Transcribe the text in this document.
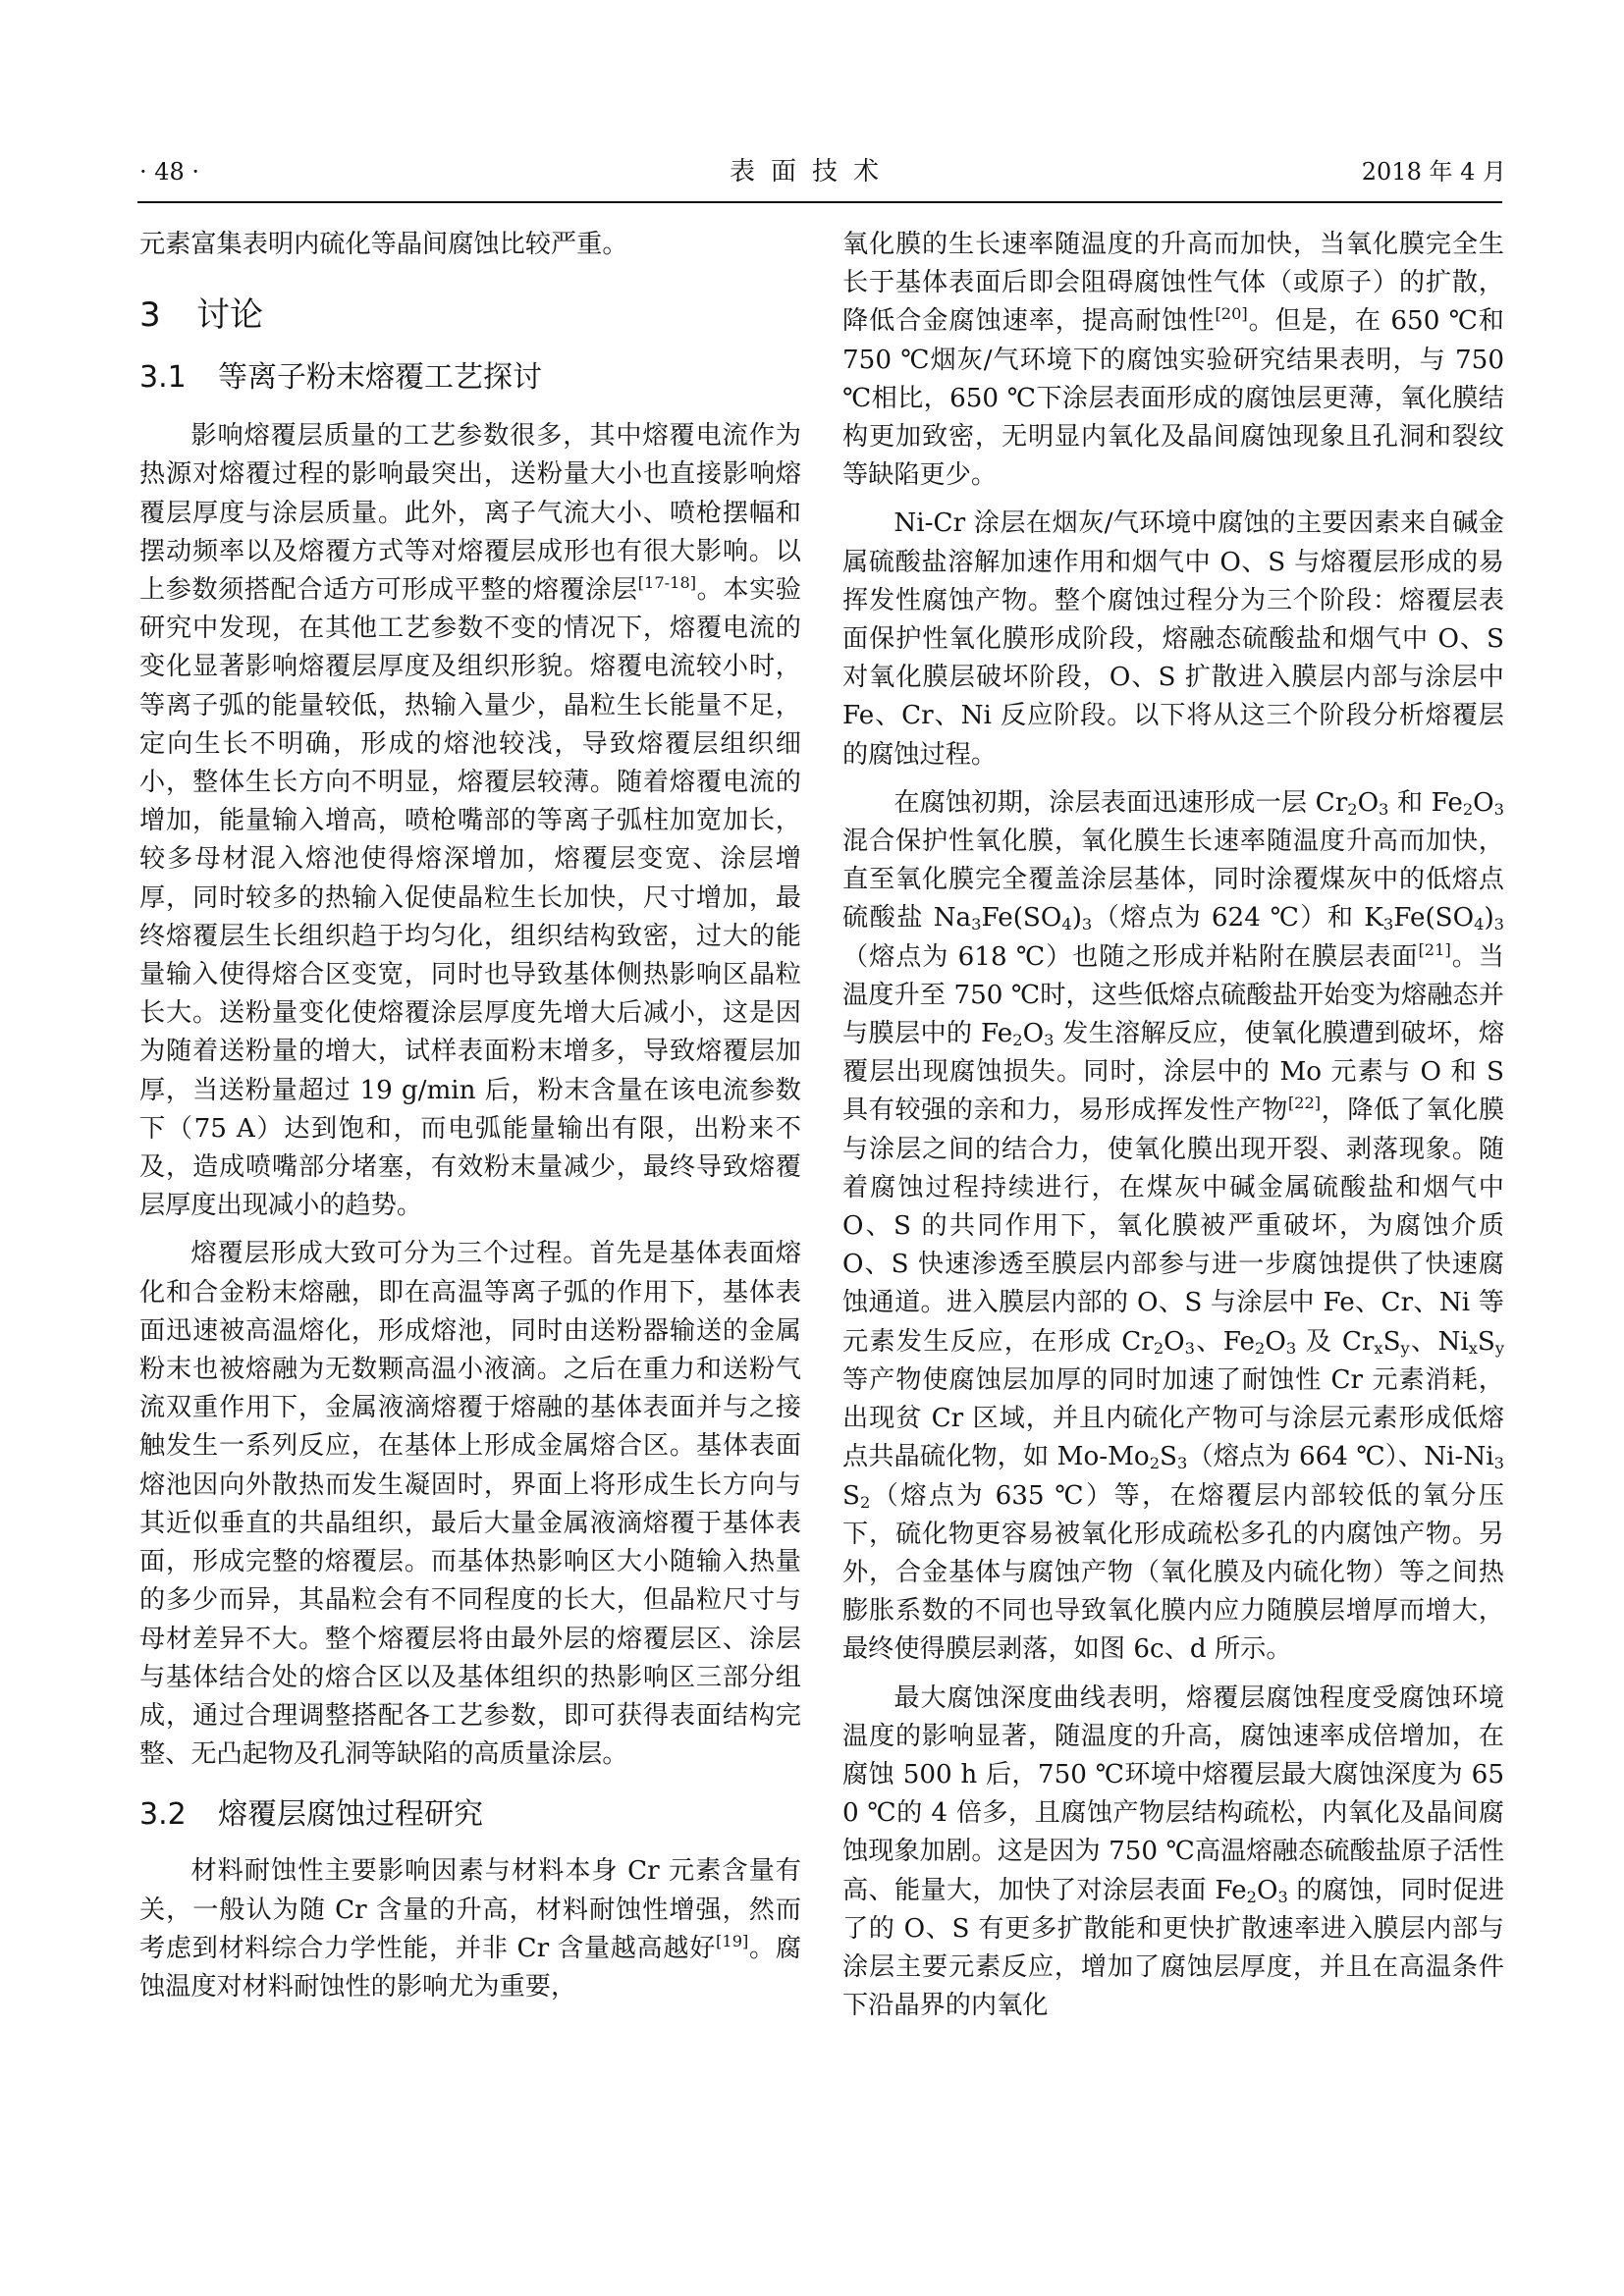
· 48 ·	表面技术	2018 年 4 月

元素富集表明内硫化等晶间腐蚀比较严重。

3 讨论
3.1 等离子粉末熔覆工艺探讨

影响熔覆层质量的工艺参数很多，其中熔覆电流作为热源对熔覆过程的影响最突出，送粉量大小也直接影响熔覆层厚度与涂层质量。此外，离子气流大小、喷枪摆幅和摆动频率以及熔覆方式等对熔覆层成形也有很大影响。以上参数须搭配合适方可形成平整的熔覆涂层[17-18]。本实验研究中发现，在其他工艺参数不变的情况下，熔覆电流的变化显著影响熔覆层厚度及组织形貌。熔覆电流较小时，等离子弧的能量较低，热输入量少，晶粒生长能量不足，定向生长不明确，形成的熔池较浅，导致熔覆层组织细小，整体生长方向不明显，熔覆层较薄。随着熔覆电流的增加，能量输入增高，喷枪嘴部的等离子弧柱加宽加长，较多母材混入熔池使得熔深增加，熔覆层变宽、涂层增厚，同时较多的热输入促使晶粒生长加快，尺寸增加，最终熔覆层生长组织趋于均匀化，组织结构致密，过大的能量输入使得熔合区变宽，同时也导致基体侧热影响区晶粒长大。送粉量变化使熔覆涂层厚度先增大后减小，这是因为随着送粉量的增大，试样表面粉末增多，导致熔覆层加厚，当送粉量超过 19 g/min 后，粉末含量在该电流参数下（75 A）达到饱和，而电弧能量输出有限，出粉来不及，造成喷嘴部分堵塞，有效粉末量减少，最终导致熔覆层厚度出现减小的趋势。

熔覆层形成大致可分为三个过程。首先是基体表面熔化和合金粉末熔融，即在高温等离子弧的作用下，基体表面迅速被高温熔化，形成熔池，同时由送粉器输送的金属粉末也被熔融为无数颗高温小液滴。之后在重力和送粉气流双重作用下，金属液滴熔覆于熔融的基体表面并与之接触发生一系列反应，在基体上形成金属熔合区。基体表面熔池因向外散热而发生凝固时，界面上将形成生长方向与其近似垂直的共晶组织，最后大量金属液滴熔覆于基体表面，形成完整的熔覆层。而基体热影响区大小随输入热量的多少而异，其晶粒会有不同程度的长大，但晶粒尺寸与母材差异不大。整个熔覆层将由最外层的熔覆层区、涂层与基体结合处的熔合区以及基体组织的热影响区三部分组成，通过合理调整搭配各工艺参数，即可获得表面结构完整、无凸起物及孔洞等缺陷的高质量涂层。

3.2 熔覆层腐蚀过程研究

材料耐蚀性主要影响因素与材料本身 Cr 元素含量有关，一般认为随 Cr 含量的升高，材料耐蚀性增强，然而考虑到材料综合力学性能，并非 Cr 含量越高越好[19]。腐蚀温度对材料耐蚀性的影响尤为重要，

氧化膜的生长速率随温度的升高而加快，当氧化膜完全生长于基体表面后即会阻碍腐蚀性气体（或原子）的扩散，降低合金腐蚀速率，提高耐蚀性[20]。但是，在 650 ℃和 750 ℃烟灰/气环境下的腐蚀实验研究结果表明，与 750 ℃相比，650 ℃下涂层表面形成的腐蚀层更薄，氧化膜结构更加致密，无明显内氧化及晶间腐蚀现象且孔洞和裂纹等缺陷更少。

Ni-Cr 涂层在烟灰/气环境中腐蚀的主要因素来自碱金属硫酸盐溶解加速作用和烟气中 O、S 与熔覆层形成的易挥发性腐蚀产物。整个腐蚀过程分为三个阶段：熔覆层表面保护性氧化膜形成阶段，熔融态硫酸盐和烟气中 O、S 对氧化膜层破坏阶段，O、S 扩散进入膜层内部与涂层中 Fe、Cr、Ni 反应阶段。以下将从这三个阶段分析熔覆层的腐蚀过程。

在腐蚀初期，涂层表面迅速形成一层 $Cr_2O_3$ 和 $Fe_2O_3$ 混合保护性氧化膜，氧化膜生长速率随温度升高而加快，直至氧化膜完全覆盖涂层基体，同时涂覆煤灰中的低熔点硫酸盐 $Na_3Fe(SO_4)_3$（熔点为 624 ℃）和 $K_3Fe(SO_4)_3$（熔点为 618 ℃）也随之形成并粘附在膜层表面[21]。当温度升至 750 ℃时，这些低熔点硫酸盐开始变为熔融态并与膜层中的 $Fe_2O_3$ 发生溶解反应，使氧化膜遭到破坏，熔覆层出现腐蚀损失。同时，涂层中的 Mo 元素与 O 和 S 具有较强的亲和力，易形成挥发性产物[22]，降低了氧化膜与涂层之间的结合力，使氧化膜出现开裂、剥落现象。随着腐蚀过程持续进行，在煤灰中碱金属硫酸盐和烟气中 O、S 的共同作用下，氧化膜被严重破坏，为腐蚀介质 O、S 快速渗透至膜层内部参与进一步腐蚀提供了快速腐蚀通道。进入膜层内部的 O、S 与涂层中 Fe、Cr、Ni 等元素发生反应，在形成 $Cr_2O_3$、$Fe_2O_3$ 及 $Cr_xS_y$、$Ni_xS_y$ 等产物使腐蚀层加厚的同时加速了耐蚀性 Cr 元素消耗，出现贫 Cr 区域，并且内硫化产物可与涂层元素形成低熔点共晶硫化物，如 $Mo-Mo_2S_3$（熔点为 664 ℃）、$Ni-Ni_3S_2$（熔点为 635 ℃）等，在熔覆层内部较低的氧分压下，硫化物更容易被氧化形成疏松多孔的内腐蚀产物。另外，合金基体与腐蚀产物（氧化膜及内硫化物）等之间热膨胀系数的不同也导致氧化膜内应力随膜层增厚而增大，最终使得膜层剥落，如图 6c、d 所示。

最大腐蚀深度曲线表明，熔覆层腐蚀程度受腐蚀环境温度的影响显著，随温度的升高，腐蚀速率成倍增加，在腐蚀 500 h 后，750 ℃环境中熔覆层最大腐蚀深度为 650 ℃的 4 倍多，且腐蚀产物层结构疏松，内氧化及晶间腐蚀现象加剧。这是因为 750 ℃高温熔融态硫酸盐原子活性高、能量大，加快了对涂层表面 $Fe_2O_3$ 的腐蚀，同时促进了的 O、S 有更多扩散能和更快扩散速率进入膜层内部与涂层主要元素反应，增加了腐蚀层厚度，并且在高温条件下沿晶界的内氧化
